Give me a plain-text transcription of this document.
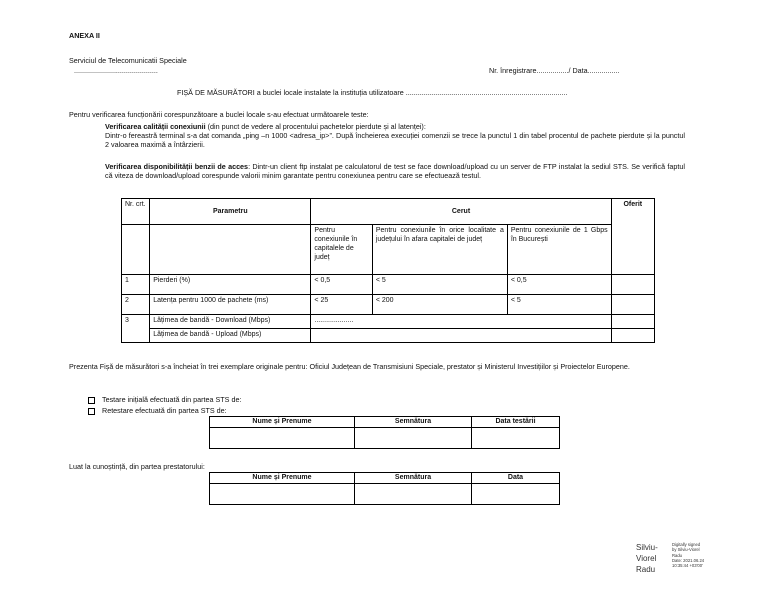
ANEXA II
Serviciul de Telecomunicatii Speciale
..........................................	Nr. înregistrare................/ Data................
FIȘĂ DE MĂSURĂTORI a buclei locale instalate la instituția utilizatoare .................................................................................
Pentru verificarea funcționării corespunzătoare a buclei locale s-au efectuat următoarele teste:
Verificarea calității conexiunii (din punct de vedere al procentului pachetelor pierdute și al latenței):
Dintr-o fereastră terminal s-a dat comanda „ping –n 1000 <adresa_ip>”. După încheierea execuției comenzii se trece la punctul 1 din tabel procentul de pachete pierdute și la punctul 2 valoarea maximă a întârzierii.
Verificarea disponibilității benzii de acces: Dintr-un client ftp instalat pe calculatorul de test se face download/upload cu un server de FTP instalat la sediul STS. Se verifică faptul că viteza de download/upload corespunde valorii minim garantate pentru conexiunea pentru care se efectuează testul.
Nr. crt.	Parametru	Cerut			Oferit
		Pentru conexiunile în capitalele de județ	Pentru conexiunile în orice localitate a județului în afara capitalei de județ	Pentru conexiunile de 1 Gbps în București	
1	Pierderi (%)	< 0,5	< 5	< 0,5	
2	Latența pentru 1000 de pachete (ms)	< 25	< 200	< 5	
3	Lățimea de bandă - Download (Mbps)	....................			
	Lățimea de bandă - Upload (Mbps)				
Prezenta Fișă de măsurători s-a încheiat în trei exemplare originale pentru: Oficiul Județean de Transmisiuni Speciale, prestator și Ministerul Investițiilor și Proiectelor Europene.
Testare inițială efectuată din partea STS de:
Retestare efectuată din partea STS de:
Nume și Prenume	Semnătura	Data testării

Luat la cunoștință, din partea prestatorului:
Nume și Prenume	Semnătura	Data

Silviu-
Viorel
Radu
Digitally signed
by Silviu-Viorel
Radu
Date: 2021.06.24
10:35:44 +03'00'
